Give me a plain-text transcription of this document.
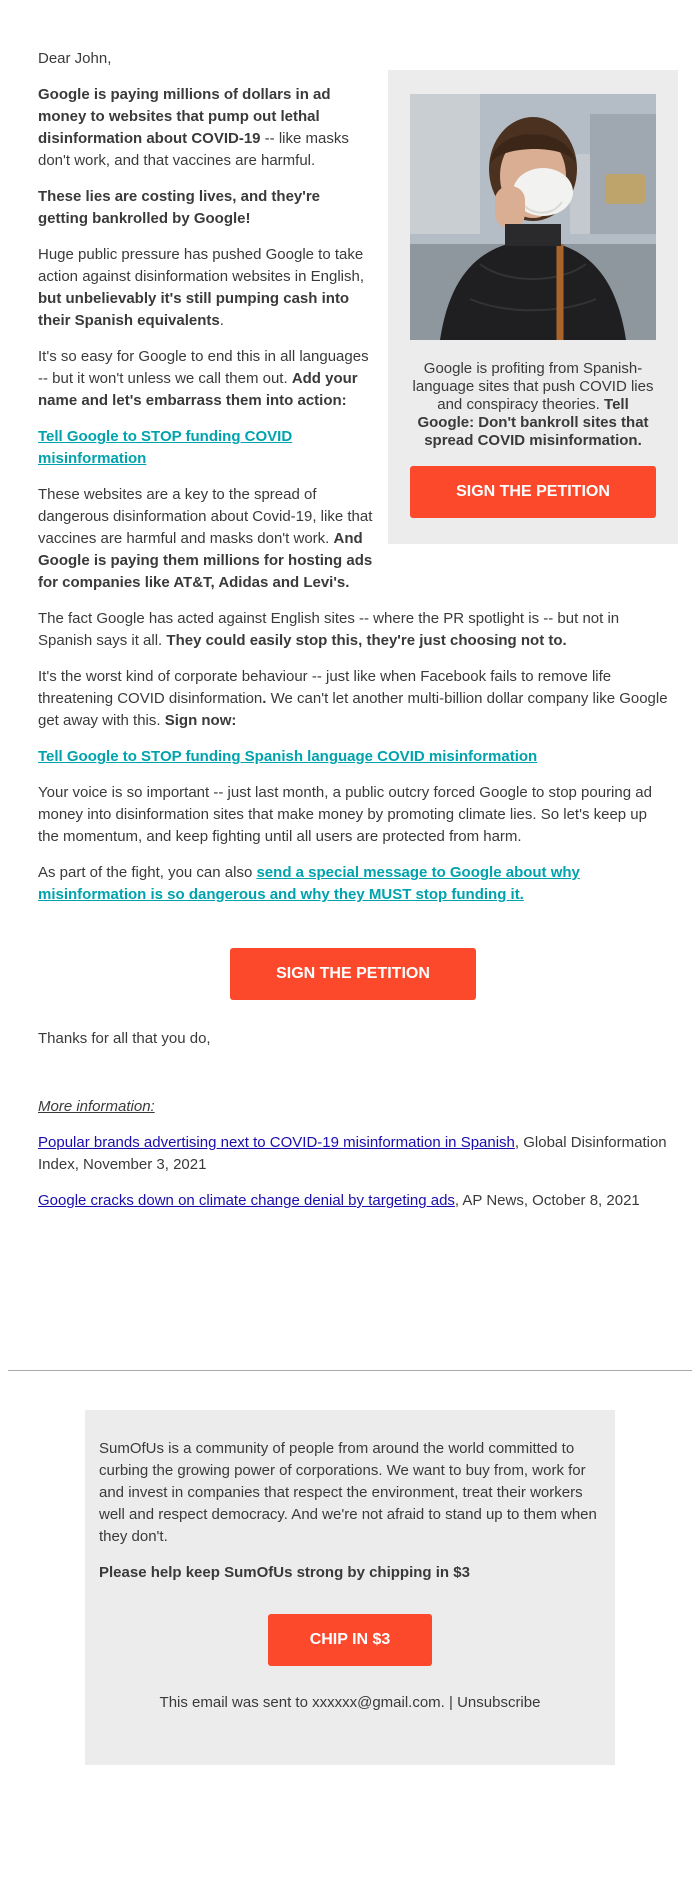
Dear John,

Google is profiting from Spanish-language sites that push COVID lies and conspiracy theories. Tell Google: Don't bankroll sites that spread COVID misinformation.

SIGN THE PETITION

Google is paying millions of dollars in ad money to websites that pump out lethal disinformation about COVID-19 -- like masks don't work, and that vaccines are harmful.

These lies are costing lives, and they're getting bankrolled by Google!

Huge public pressure has pushed Google to take action against disinformation websites in English, but unbelievably it's still pumping cash into their Spanish equivalents.

It's so easy for Google to end this in all languages -- but it won't unless we call them out. Add your name and let's embarrass them into action:

Tell Google to STOP funding COVID misinformation

These websites are a key to the spread of dangerous disinformation about Covid-19, like that vaccines are harmful and masks don't work. And Google is paying them millions for hosting ads for companies like AT&T, Adidas and Levi's.

The fact Google has acted against English sites -- where the PR spotlight is -- but not in Spanish says it all. They could easily stop this, they're just choosing not to.

It's the worst kind of corporate behaviour -- just like when Facebook fails to remove life threatening COVID disinformation. We can't let another multi-billion dollar company like Google get away with this. Sign now:

Tell Google to STOP funding Spanish language COVID misinformation

Your voice is so important -- just last month, a public outcry forced Google to stop pouring ad money into disinformation sites that make money by promoting climate lies. So let's keep up the momentum, and keep fighting until all users are protected from harm.

As part of the fight, you can also send a special message to Google about why misinformation is so dangerous and why they MUST stop funding it.

SIGN THE PETITION

Thanks for all that you do,

More information:

Popular brands advertising next to COVID-19 misinformation in Spanish, Global Disinformation Index, November 3, 2021

Google cracks down on climate change denial by targeting ads, AP News, October 8, 2021

SumOfUs is a community of people from around the world committed to curbing the growing power of corporations. We want to buy from, work for and invest in companies that respect the environment, treat their workers well and respect democracy. And we're not afraid to stand up to them when they don't.

Please help keep SumOfUs strong by chipping in $3

CHIP IN $3

This email was sent to xxxxxx@gmail.com. | Unsubscribe
